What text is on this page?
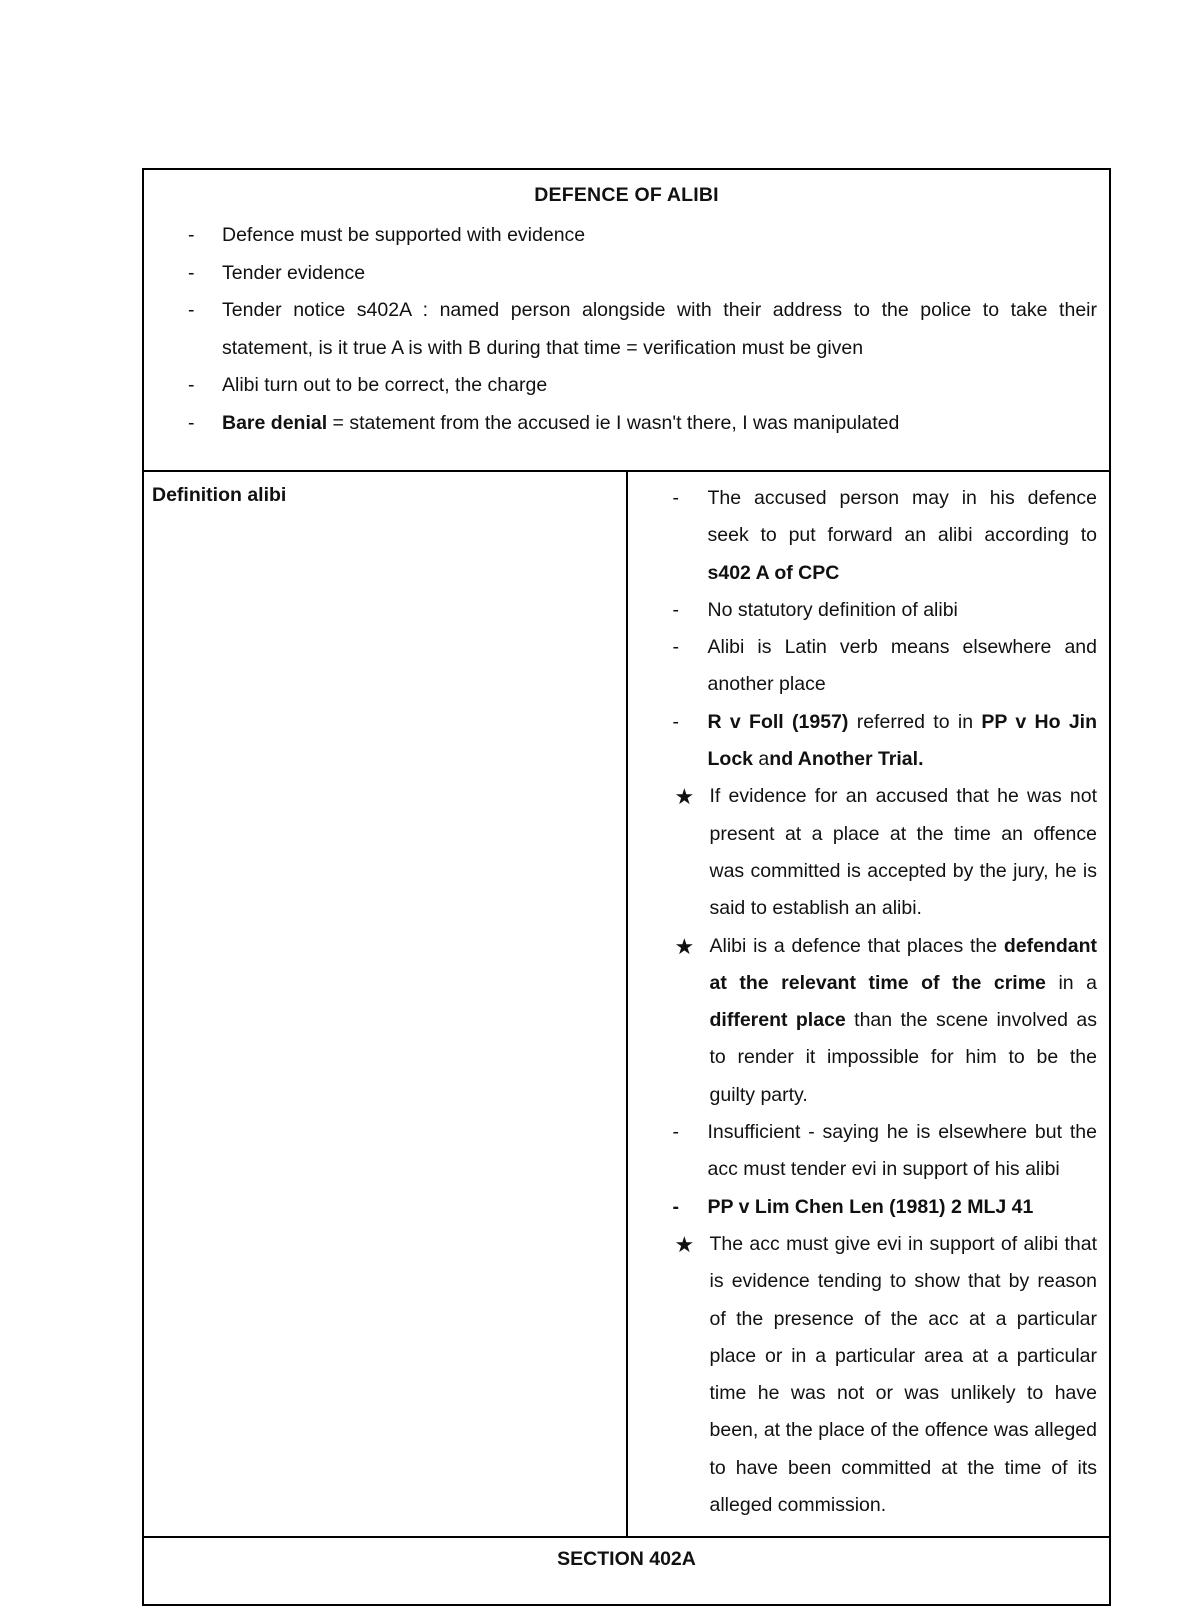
DEFENCE OF ALIBI
- Defence must be supported with evidence
- Tender evidence
- Tender notice s402A : named person alongside with their address to the police to take their statement, is it true A is with B during that time = verification must be given
- Alibi turn out to be correct, the charge
- Bare denial = statement from the accused ie I wasn't there, I was manipulated

Definition alibi	- The accused person may in his defence seek to put forward an alibi according to s402 A of CPC
- No statutory definition of alibi
- Alibi is Latin verb means elsewhere and another place
- R v Foll (1957) referred to in PP v Ho Jin Lock and Another Trial.
★ If evidence for an accused that he was not present at a place at the time an offence was committed is accepted by the jury, he is said to establish an alibi.
★ Alibi is a defence that places the defendant at the relevant time of the crime in a different place than the scene involved as to render it impossible for him to be the guilty party.
- Insufficient - saying he is elsewhere but the acc must tender evi in support of his alibi
- PP v Lim Chen Len (1981) 2 MLJ 41
★ The acc must give evi in support of alibi that is evidence tending to show that by reason of the presence of the acc at a particular place or in a particular area at a particular time he was not or was unlikely to have been, at the place of the offence was alleged to have been committed at the time of its alleged commission.

SECTION 402A
